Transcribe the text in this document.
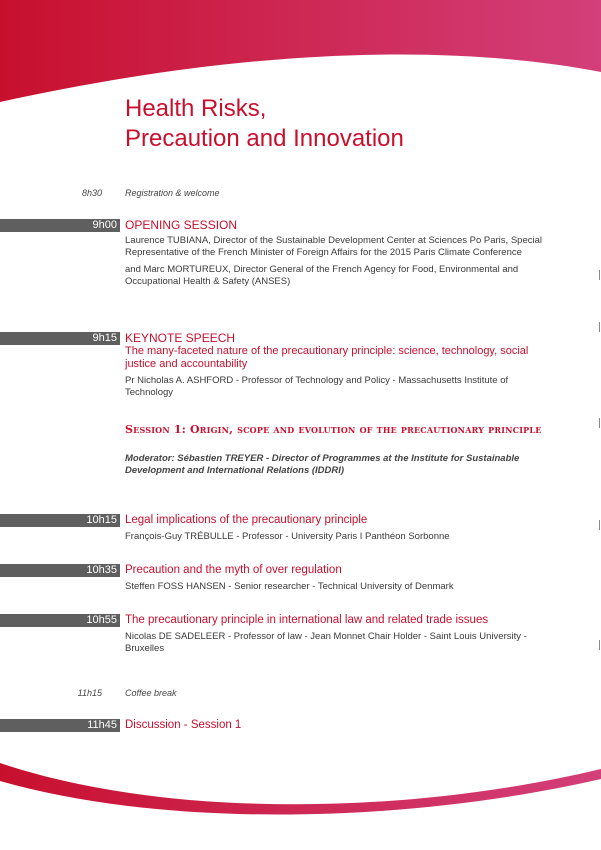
Health Risks,
Precaution and Innovation
8h30	Registration & welcome
9h00 OPENING SESSION

Laurence TUBIANA, Director of the Sustainable Development Center at Sciences Po Paris, Special Representative of the French Minister of Foreign Affairs for the 2015 Paris Climate Conference

and Marc MORTUREUX, Director General of the French Agency for Food, Environmental and Occupational Health & Safety (ANSES)

9h15 KEYNOTE SPEECH

The many-faceted nature of the precautionary principle: science, technology, social justice and accountability

Pr Nicholas A. ASHFORD - Professor of Technology and Policy - Massachusetts Institute of Technology

Session 1: Origin, scope and evolution of the precautionary principle
Moderator: Sébastien TREYER - Director of Programmes at the Institute for Sustainable Development and International Relations (IDDRI)
10h15 Legal implications of the precautionary principle

François-Guy TRÉBULLE - Professor - University Paris I Panthéon Sorbonne

10h35 Precaution and the myth of over regulation

Steffen FOSS HANSEN - Senior researcher - Technical University of Denmark

10h55 The precautionary principle in international law and related trade issues

Nicolas DE SADELEER - Professor of law - Jean Monnet Chair Holder - Saint Louis University - Bruxelles

11h15	Coffee break
11h45 Discussion - Session 1
